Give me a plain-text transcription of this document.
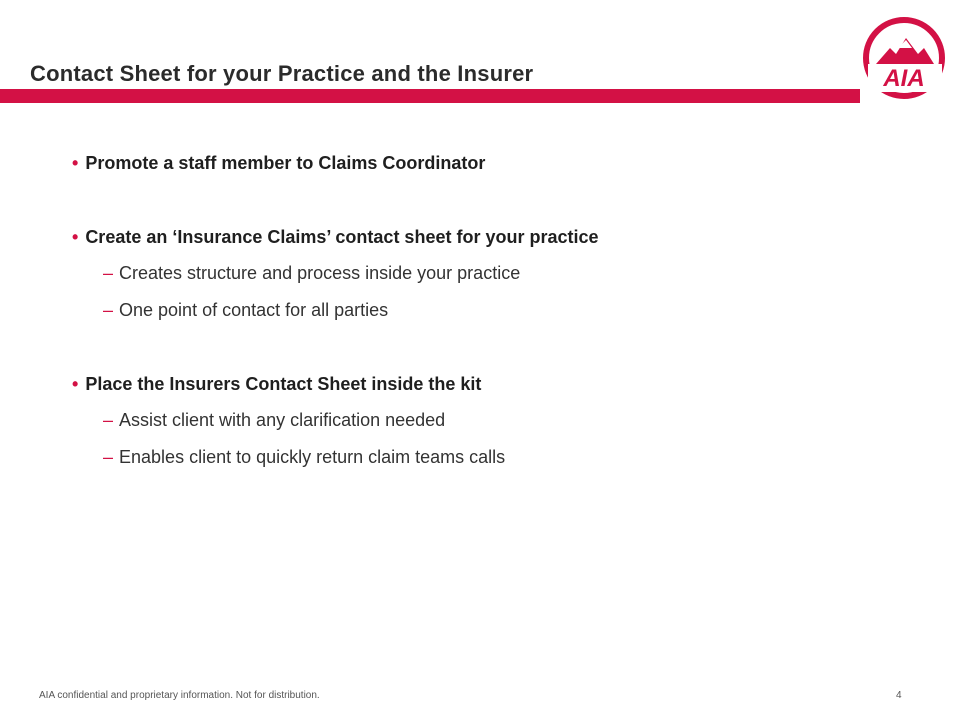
Contact Sheet for your Practice and the Insurer	AIA
• Promote a staff member to Claims Coordinator
• Create an ‘Insurance Claims’ contact sheet for your practice
– Creates structure and process inside your practice
– One point of contact for all parties
• Place the Insurers Contact Sheet inside the kit
– Assist client with any clarification needed
– Enables client to quickly return claim teams calls
AIA confidential and proprietary information. Not for distribution.	4
